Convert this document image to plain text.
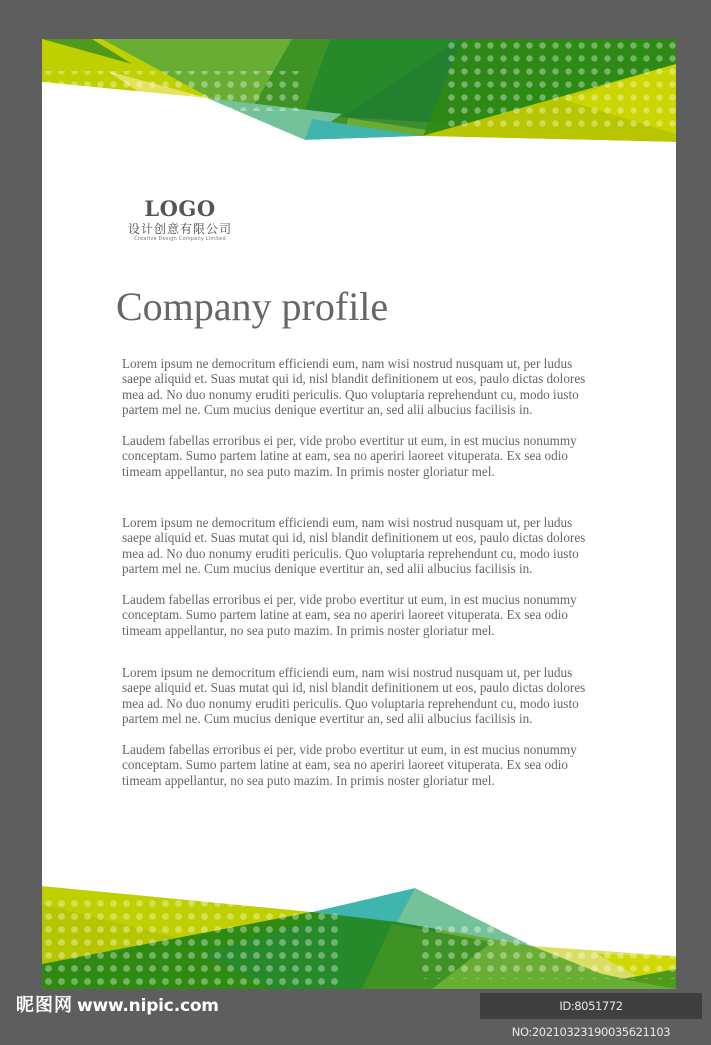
LOGO
设计创意有限公司
Creative Design Company Limited
Company profile

Lorem ipsum ne democritum efficiendi eum, nam wisi nostrud nusquam ut, per ludus
saepe aliquid et. Suas mutat qui id, nisl blandit definitionem ut eos, paulo dictas dolores
mea ad. No duo nonumy eruditi periculis. Quo voluptaria reprehendunt cu, modo iusto
partem mel ne. Cum mucius denique evertitur an, sed alii albucius facilisis in.

Laudem fabellas erroribus ei per, vide probo evertitur ut eum, in est mucius nonummy
conceptam. Sumo partem latine at eam, sea no aperiri laoreet vituperata. Ex sea odio
timeam appellantur, no sea puto mazim. In primis noster gloriatur mel.

Lorem ipsum ne democritum efficiendi eum, nam wisi nostrud nusquam ut, per ludus
saepe aliquid et. Suas mutat qui id, nisl blandit definitionem ut eos, paulo dictas dolores
mea ad. No duo nonumy eruditi periculis. Quo voluptaria reprehendunt cu, modo iusto
partem mel ne. Cum mucius denique evertitur an, sed alii albucius facilisis in.

Laudem fabellas erroribus ei per, vide probo evertitur ut eum, in est mucius nonummy
conceptam. Sumo partem latine at eam, sea no aperiri laoreet vituperata. Ex sea odio
timeam appellantur, no sea puto mazim. In primis noster gloriatur mel.

Lorem ipsum ne democritum efficiendi eum, nam wisi nostrud nusquam ut, per ludus
saepe aliquid et. Suas mutat qui id, nisl blandit definitionem ut eos, paulo dictas dolores
mea ad. No duo nonumy eruditi periculis. Quo voluptaria reprehendunt cu, modo iusto
partem mel ne. Cum mucius denique evertitur an, sed alii albucius facilisis in.

Laudem fabellas erroribus ei per, vide probo evertitur ut eum, in est mucius nonummy
conceptam. Sumo partem latine at eam, sea no aperiri laoreet vituperata. Ex sea odio
timeam appellantur, no sea puto mazim. In primis noster gloriatur mel.

昵图网 www.nipic.com	ID:8051772 NO:20210323190035621103
